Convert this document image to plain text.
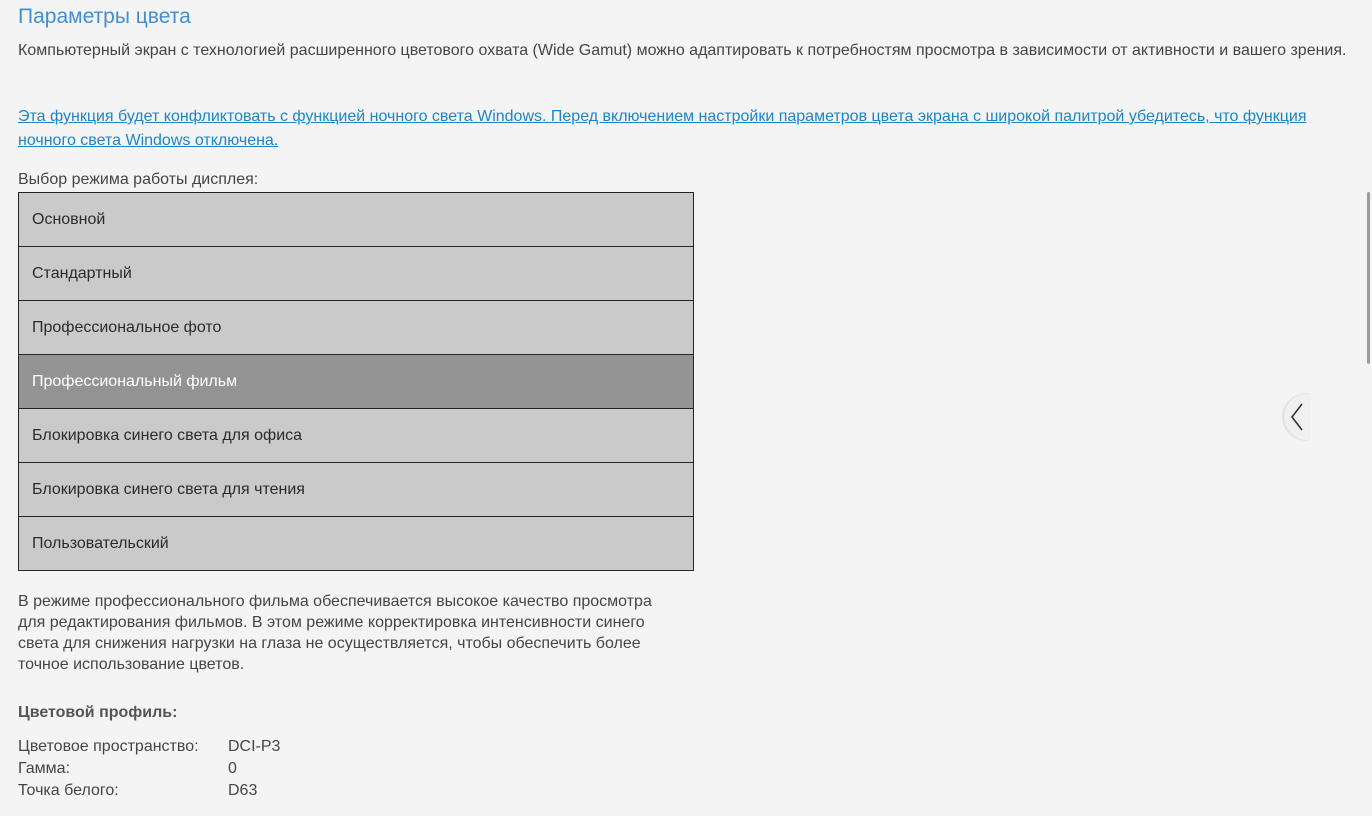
Параметры цвета
Компьютерный экран с технологией расширенного цветового охвата (Wide Gamut) можно адаптировать к потребностям просмотра в зависимости от активности и вашего зрения.
Эта функция будет конфликтовать с функцией ночного света Windows. Перед включением настройки параметров цвета экрана с широкой палитрой убедитесь, что функция
ночного света Windows отключена.
Выбор режима работы дисплея:
Основной
Стандартный
Профессиональное фото
Профессиональный фильм
Блокировка синего света для офиса
Блокировка синего света для чтения
Пользовательский
В режиме профессионального фильма обеспечивается высокое качество просмотра
для редактирования фильмов. В этом режиме корректировка интенсивности синего
света для снижения нагрузки на глаза не осуществляется, чтобы обеспечить более
точное использование цветов.
Цветовой профиль:
Цветовое пространство:	DCI-P3
Гамма:	0
Точка белого:	D63
